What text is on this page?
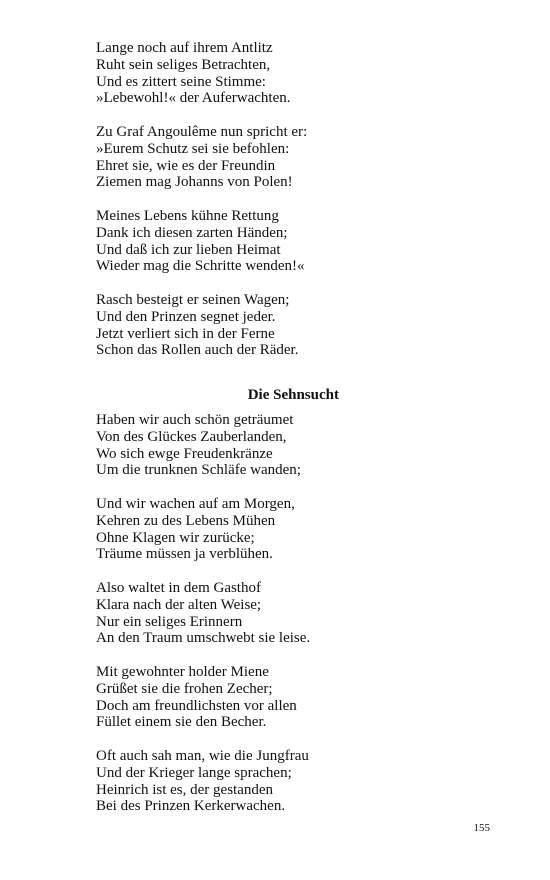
Lange noch auf ihrem Antlitz
Ruht sein seliges Betrachten,
Und es zittert seine Stimme:
»Lebewohl!« der Auferwachten.

Zu Graf Angoulême nun spricht er:
»Eurem Schutz sei sie befohlen:
Ehret sie, wie es der Freundin
Ziemen mag Johanns von Polen!

Meines Lebens kühne Rettung
Dank ich diesen zarten Händen;
Und daß ich zur lieben Heimat
Wieder mag die Schritte wenden!«

Rasch besteigt er seinen Wagen;
Und den Prinzen segnet jeder.
Jetzt verliert sich in der Ferne
Schon das Rollen auch der Räder.

Die Sehnsucht

Haben wir auch schön geträumet
Von des Glückes Zauberlanden,
Wo sich ewge Freudenkränze
Um die trunknen Schläfe wanden;

Und wir wachen auf am Morgen,
Kehren zu des Lebens Mühen
Ohne Klagen wir zurücke;
Träume müssen ja verblühen.

Also waltet in dem Gasthof
Klara nach der alten Weise;
Nur ein seliges Erinnern
An den Traum umschwebt sie leise.

Mit gewohnter holder Miene
Grüßet sie die frohen Zecher;
Doch am freundlichsten vor allen
Füllet einem sie den Becher.

Oft auch sah man, wie die Jungfrau
Und der Krieger lange sprachen;
Heinrich ist es, der gestanden
Bei des Prinzen Kerkerwachen.

155
